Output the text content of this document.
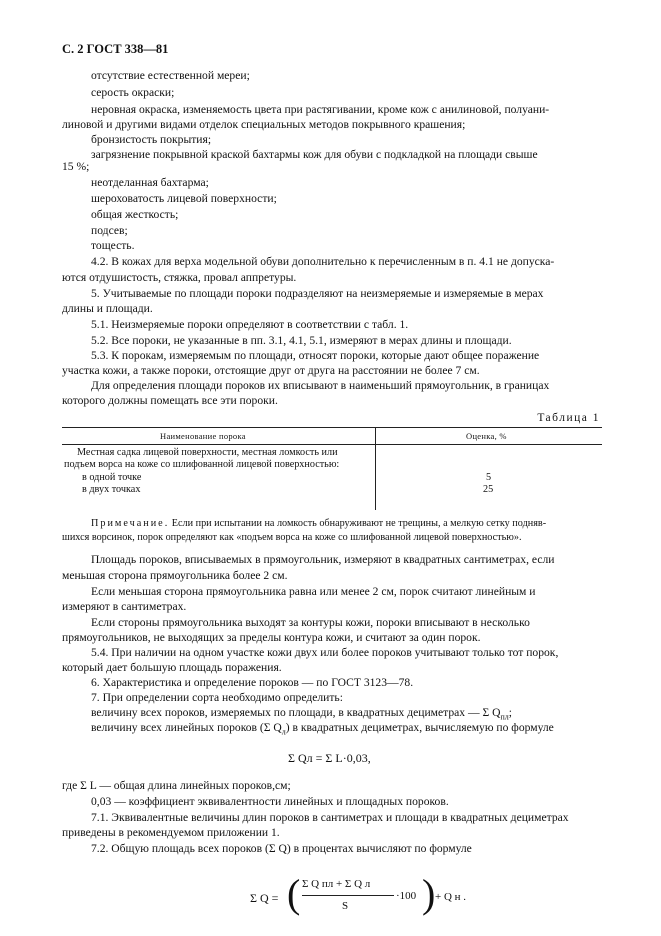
С. 2 ГОСТ 338—81
отсутствие естественной мереи;
серость окраски;
неровная окраска, изменяемость цвета при растягивании, кроме кож с анилиновой, полуани-
линовой и другими видами отделок специальных методов покрывного крашения;
бронзистость покрытия;
загрязнение покрывной краской бахтармы кож для обуви с подкладкой на площади свыше
15 %;
неотделанная бахтарма;
шероховатость лицевой поверхности;
общая жесткость;
подсев;
тощесть.
4.2. В кожах для верха модельной обуви дополнительно к перечисленным в п. 4.1 не допуска-
ются отдушистость, стяжка, провал аппретуры.
5. Учитываемые по площади пороки подразделяют на неизмеряемые и измеряемые в мерах
длины и площади.
5.1. Неизмеряемые пороки определяют в соответствии с табл. 1.
5.2. Все пороки, не указанные в пп. 3.1, 4.1, 5.1, измеряют в мерах длины и площади.
5.3. К порокам, измеряемым по площади, относят пороки, которые дают общее поражение
участка кожи, а также пороки, отстоящие друг от друга на расстоянии не более 7 см.
Для определения площади пороков их вписывают в наименьший прямоугольник, в границах
которого должны помещать все эти пороки.
Таблица 1
Наименование порока	Оценка, %
Местная садка лицевой поверхности, местная ломкость или
подъем ворса на коже со шлифованной лицевой поверхностью:
в одной точке	5
в двух точках	25
Примечание. Если при испытании на ломкость обнаруживают не трещины, а мелкую сетку подняв-
шихся ворсинок, порок определяют как «подъем ворса на коже со шлифованной лицевой поверхностью».
Площадь пороков, вписываемых в прямоугольник, измеряют в квадратных сантиметрах, если
меньшая сторона прямоугольника более 2 см.
Если меньшая сторона прямоугольника равна или менее 2 см, порок считают линейным и
измеряют в сантиметрах.
Если стороны прямоугольника выходят за контуры кожи, пороки вписывают в несколько
прямоугольников, не выходящих за пределы контура кожи, и считают за один порок.
5.4. При наличии на одном участке кожи двух или более пороков учитывают только тот порок,
который дает большую площадь поражения.
6. Характеристика и определение пороков — по ГОСТ 3123—78.
7. При определении сорта необходимо определить:
величину всех пороков, измеряемых по площади, в квадратных дециметрах — Σ $Q_{пл}$;
величину всех линейных пороков (Σ $Q_л$) в квадратных дециметрах, вычисляемую по формуле
Σ Qл = Σ L·0,03,
где Σ L — общая длина линейных пороков,см;
0,03 — коэффициент эквивалентности линейных и площадных пороков.
7.1. Эквивалентные величины длин пороков в сантиметрах и площади в квадратных дециметрах
приведены в рекомендуемом приложении 1.
7.2. Общую площадь всех пороков (Σ Q) в процентах вычисляют по формуле
Σ Q = ( Σ Q пл + Σ Q л
S
·100 ) + Q н .
